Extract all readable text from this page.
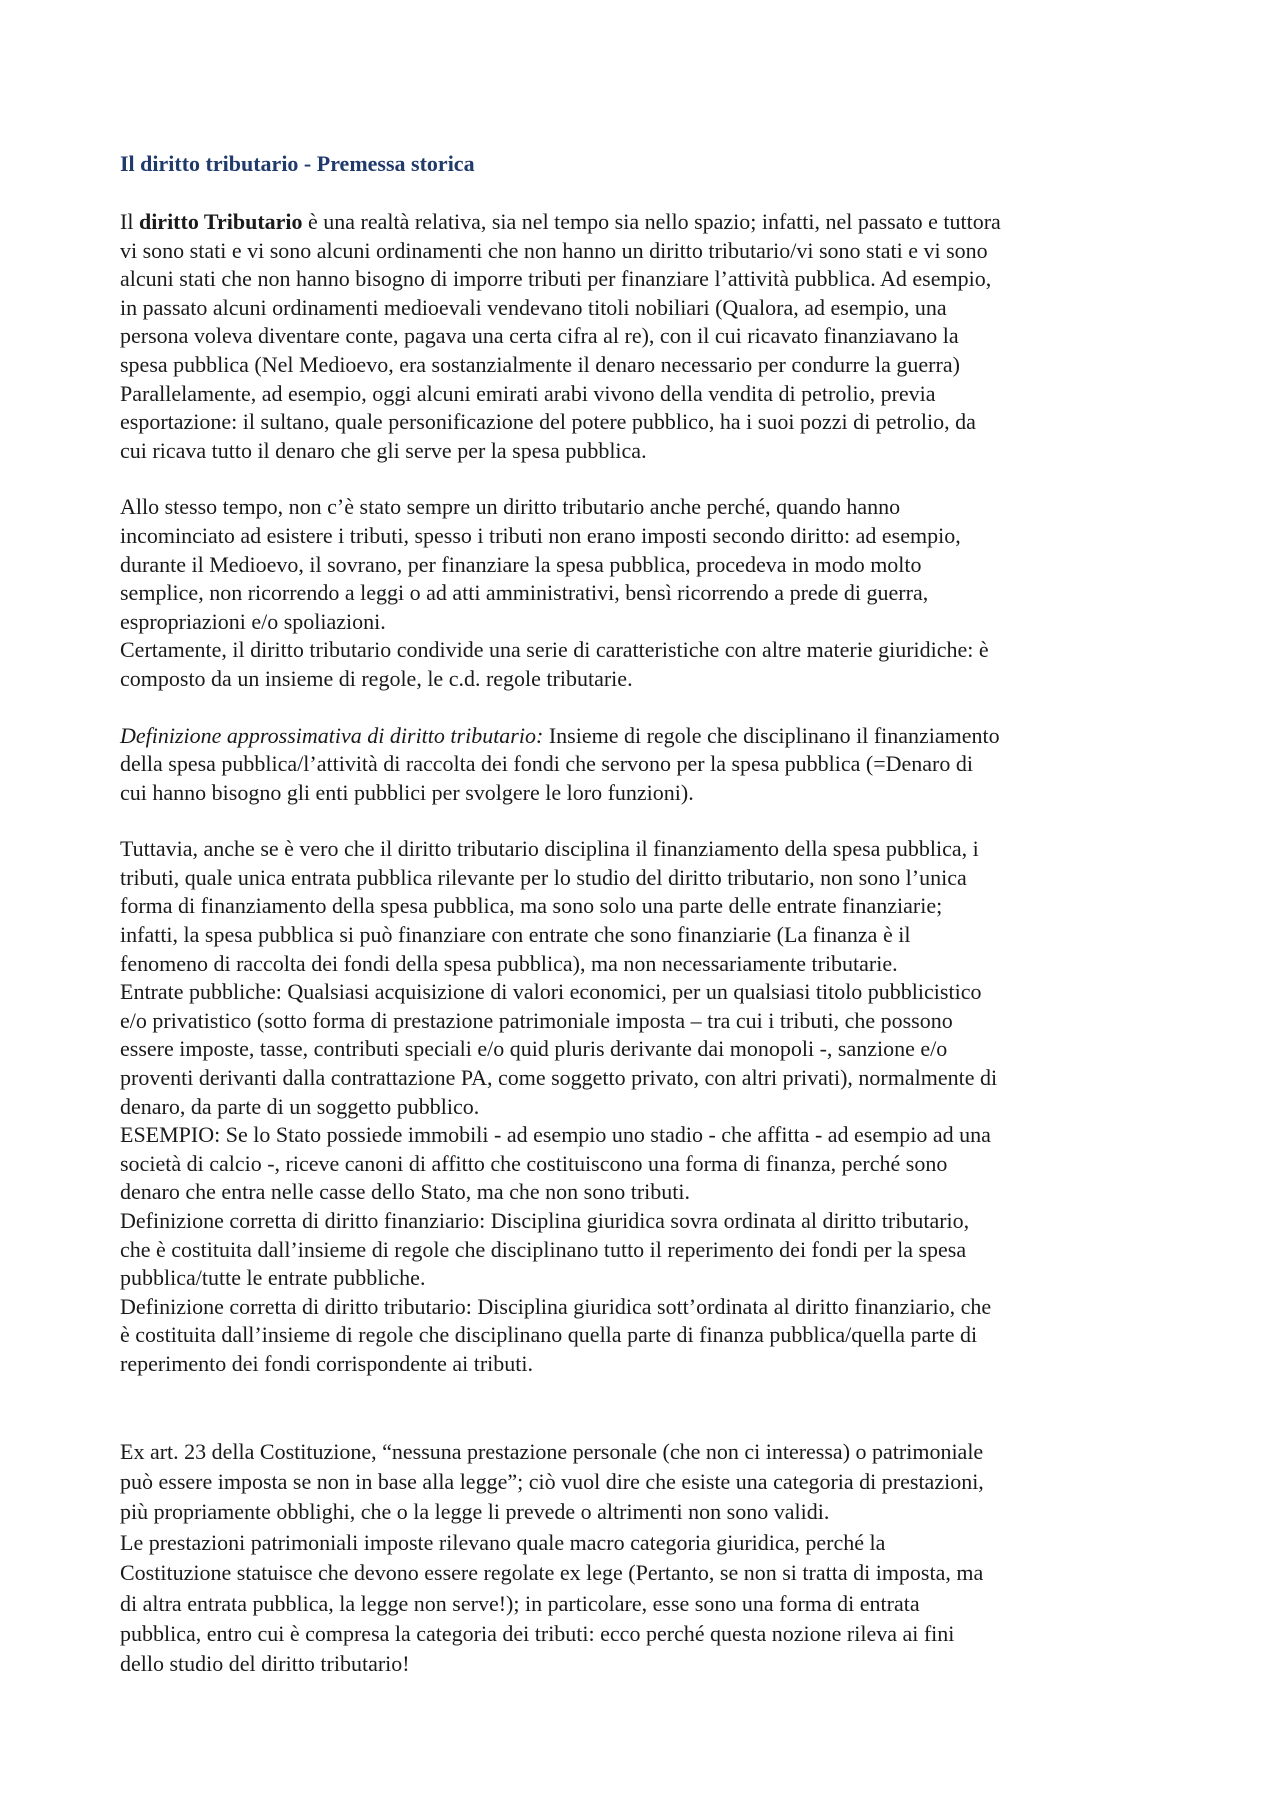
Il diritto tributario - Premessa storica

Il diritto Tributario è una realtà relativa, sia nel tempo sia nello spazio; infatti, nel passato e tuttora
vi sono stati e vi sono alcuni ordinamenti che non hanno un diritto tributario/vi sono stati e vi sono
alcuni stati che non hanno bisogno di imporre tributi per finanziare l’attività pubblica. Ad esempio,
in passato alcuni ordinamenti medioevali vendevano titoli nobiliari (Qualora, ad esempio, una
persona voleva diventare conte, pagava una certa cifra al re), con il cui ricavato finanziavano la
spesa pubblica (Nel Medioevo, era sostanzialmente il denaro necessario per condurre la guerra)
Parallelamente, ad esempio, oggi alcuni emirati arabi vivono della vendita di petrolio, previa
esportazione: il sultano, quale personificazione del potere pubblico, ha i suoi pozzi di petrolio, da
cui ricava tutto il denaro che gli serve per la spesa pubblica.

Allo stesso tempo, non c’è stato sempre un diritto tributario anche perché, quando hanno
incominciato ad esistere i tributi, spesso i tributi non erano imposti secondo diritto: ad esempio,
durante il Medioevo, il sovrano, per finanziare la spesa pubblica, procedeva in modo molto
semplice, non ricorrendo a leggi o ad atti amministrativi, bensì ricorrendo a prede di guerra,
espropriazioni e/o spoliazioni.
Certamente, il diritto tributario condivide una serie di caratteristiche con altre materie giuridiche: è
composto da un insieme di regole, le c.d. regole tributarie.

Definizione approssimativa di diritto tributario: Insieme di regole che disciplinano il finanziamento
della spesa pubblica/l’attività di raccolta dei fondi che servono per la spesa pubblica (=Denaro di
cui hanno bisogno gli enti pubblici per svolgere le loro funzioni).

Tuttavia, anche se è vero che il diritto tributario disciplina il finanziamento della spesa pubblica, i
tributi, quale unica entrata pubblica rilevante per lo studio del diritto tributario, non sono l’unica
forma di finanziamento della spesa pubblica, ma sono solo una parte delle entrate finanziarie;
infatti, la spesa pubblica si può finanziare con entrate che sono finanziarie (La finanza è il
fenomeno di raccolta dei fondi della spesa pubblica), ma non necessariamente tributarie.
Entrate pubbliche: Qualsiasi acquisizione di valori economici, per un qualsiasi titolo pubblicistico
e/o privatistico (sotto forma di prestazione patrimoniale imposta – tra cui i tributi, che possono
essere imposte, tasse, contributi speciali e/o quid pluris derivante dai monopoli -, sanzione e/o
proventi derivanti dalla contrattazione PA, come soggetto privato, con altri privati), normalmente di
denaro, da parte di un soggetto pubblico.
ESEMPIO: Se lo Stato possiede immobili - ad esempio uno stadio - che affitta - ad esempio ad una
società di calcio -, riceve canoni di affitto che costituiscono una forma di finanza, perché sono
denaro che entra nelle casse dello Stato, ma che non sono tributi.
Definizione corretta di diritto finanziario: Disciplina giuridica sovra ordinata al diritto tributario,
che è costituita dall’insieme di regole che disciplinano tutto il reperimento dei fondi per la spesa
pubblica/tutte le entrate pubbliche.
Definizione corretta di diritto tributario: Disciplina giuridica sott’ordinata al diritto finanziario, che
è costituita dall’insieme di regole che disciplinano quella parte di finanza pubblica/quella parte di
reperimento dei fondi corrispondente ai tributi.

Ex art. 23 della Costituzione, “nessuna prestazione personale (che non ci interessa) o patrimoniale
può essere imposta se non in base alla legge”; ciò vuol dire che esiste una categoria di prestazioni,
più propriamente obblighi, che o la legge li prevede o altrimenti non sono validi.
Le prestazioni patrimoniali imposte rilevano quale macro categoria giuridica, perché la
Costituzione statuisce che devono essere regolate ex lege (Pertanto, se non si tratta di imposta, ma
di altra entrata pubblica, la legge non serve!); in particolare, esse sono una forma di entrata
pubblica, entro cui è compresa la categoria dei tributi: ecco perché questa nozione rileva ai fini
dello studio del diritto tributario!
